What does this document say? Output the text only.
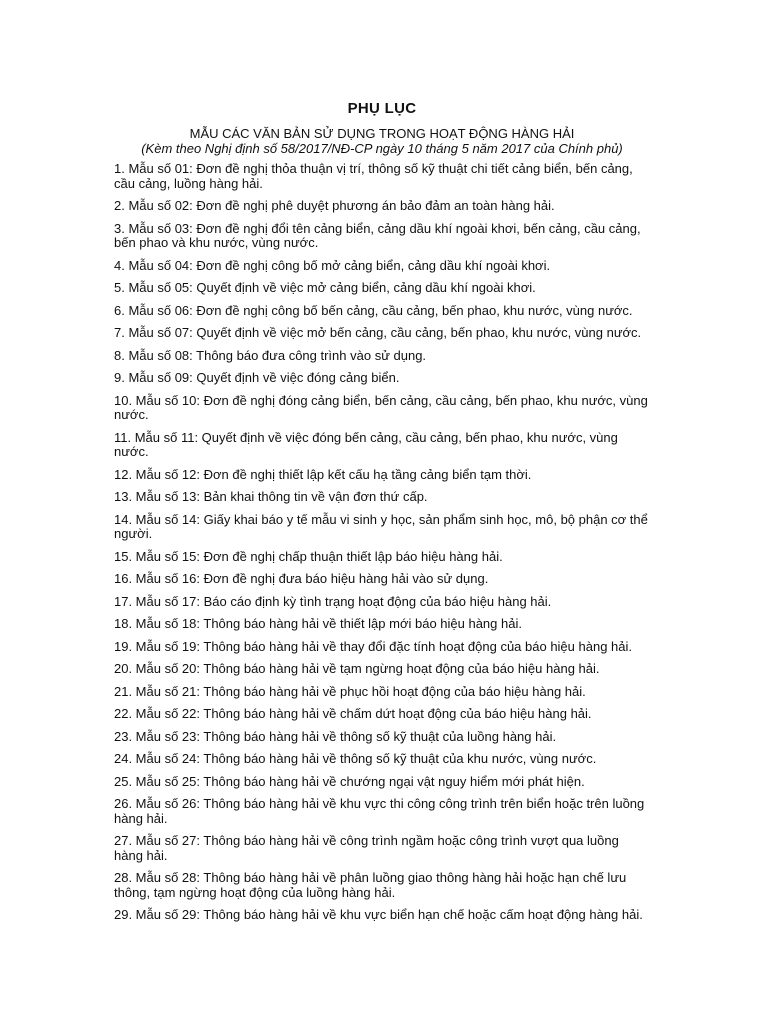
PHỤ LỤC
MẪU CÁC VĂN BẢN SỬ DỤNG TRONG HOẠT ĐỘNG HÀNG HẢI
(Kèm theo Nghị định số 58/2017/NĐ-CP ngày 10 tháng 5 năm 2017 của Chính phủ)
1. Mẫu số 01: Đơn đề nghị thỏa thuận vị trí, thông số kỹ thuật chi tiết cảng biển, bến cảng, cầu cảng, luồng hàng hải.
2. Mẫu số 02: Đơn đề nghị phê duyệt phương án bảo đảm an toàn hàng hải.
3. Mẫu số 03: Đơn đề nghị đổi tên cảng biển, cảng dầu khí ngoài khơi, bến cảng, cầu cảng, bến phao và khu nước, vùng nước.
4. Mẫu số 04: Đơn đề nghị công bố mở cảng biển, cảng dầu khí ngoài khơi.
5. Mẫu số 05: Quyết định về việc mở cảng biển, cảng dầu khí ngoài khơi.
6. Mẫu số 06: Đơn đề nghị công bố bến cảng, cầu cảng, bến phao, khu nước, vùng nước.
7. Mẫu số 07: Quyết định về việc mở bến cảng, cầu cảng, bến phao, khu nước, vùng nước.
8. Mẫu số 08: Thông báo đưa công trình vào sử dụng.
9. Mẫu số 09: Quyết định về việc đóng cảng biển.
10. Mẫu số 10: Đơn đề nghị đóng cảng biển, bến cảng, cầu cảng, bến phao, khu nước, vùng nước.
11. Mẫu số 11: Quyết định về việc đóng bến cảng, cầu cảng, bến phao, khu nước, vùng nước.
12. Mẫu số 12: Đơn đề nghị thiết lập kết cấu hạ tầng cảng biển tạm thời.
13. Mẫu số 13: Bản khai thông tin về vận đơn thứ cấp.
14. Mẫu số 14: Giấy khai báo y tế mẫu vi sinh y học, sản phẩm sinh học, mô, bộ phận cơ thể người.
15. Mẫu số 15: Đơn đề nghị chấp thuận thiết lập báo hiệu hàng hải.
16. Mẫu số 16: Đơn đề nghị đưa báo hiệu hàng hải vào sử dụng.
17. Mẫu số 17: Báo cáo định kỳ tình trạng hoạt động của báo hiệu hàng hải.
18. Mẫu số 18: Thông báo hàng hải về thiết lập mới báo hiệu hàng hải.
19. Mẫu số 19: Thông báo hàng hải về thay đổi đặc tính hoạt động của báo hiệu hàng hải.
20. Mẫu số 20: Thông báo hàng hải về tạm ngừng hoạt động của báo hiệu hàng hải.
21. Mẫu số 21: Thông báo hàng hải về phục hồi hoạt động của báo hiệu hàng hải.
22. Mẫu số 22: Thông báo hàng hải về chấm dứt hoạt động của báo hiệu hàng hải.
23. Mẫu số 23: Thông báo hàng hải về thông số kỹ thuật của luồng hàng hải.
24. Mẫu số 24: Thông báo hàng hải về thông số kỹ thuật của khu nước, vùng nước.
25. Mẫu số 25: Thông báo hàng hải về chướng ngại vật nguy hiểm mới phát hiện.
26. Mẫu số 26: Thông báo hàng hải về khu vực thi công công trình trên biển hoặc trên luồng hàng hải.
27. Mẫu số 27: Thông báo hàng hải về công trình ngầm hoặc công trình vượt qua luồng hàng hải.
28. Mẫu số 28: Thông báo hàng hải về phân luồng giao thông hàng hải hoặc hạn chế lưu thông, tạm ngừng hoạt động của luồng hàng hải.
29. Mẫu số 29: Thông báo hàng hải về khu vực biển hạn chế hoặc cấm hoạt động hàng hải.
